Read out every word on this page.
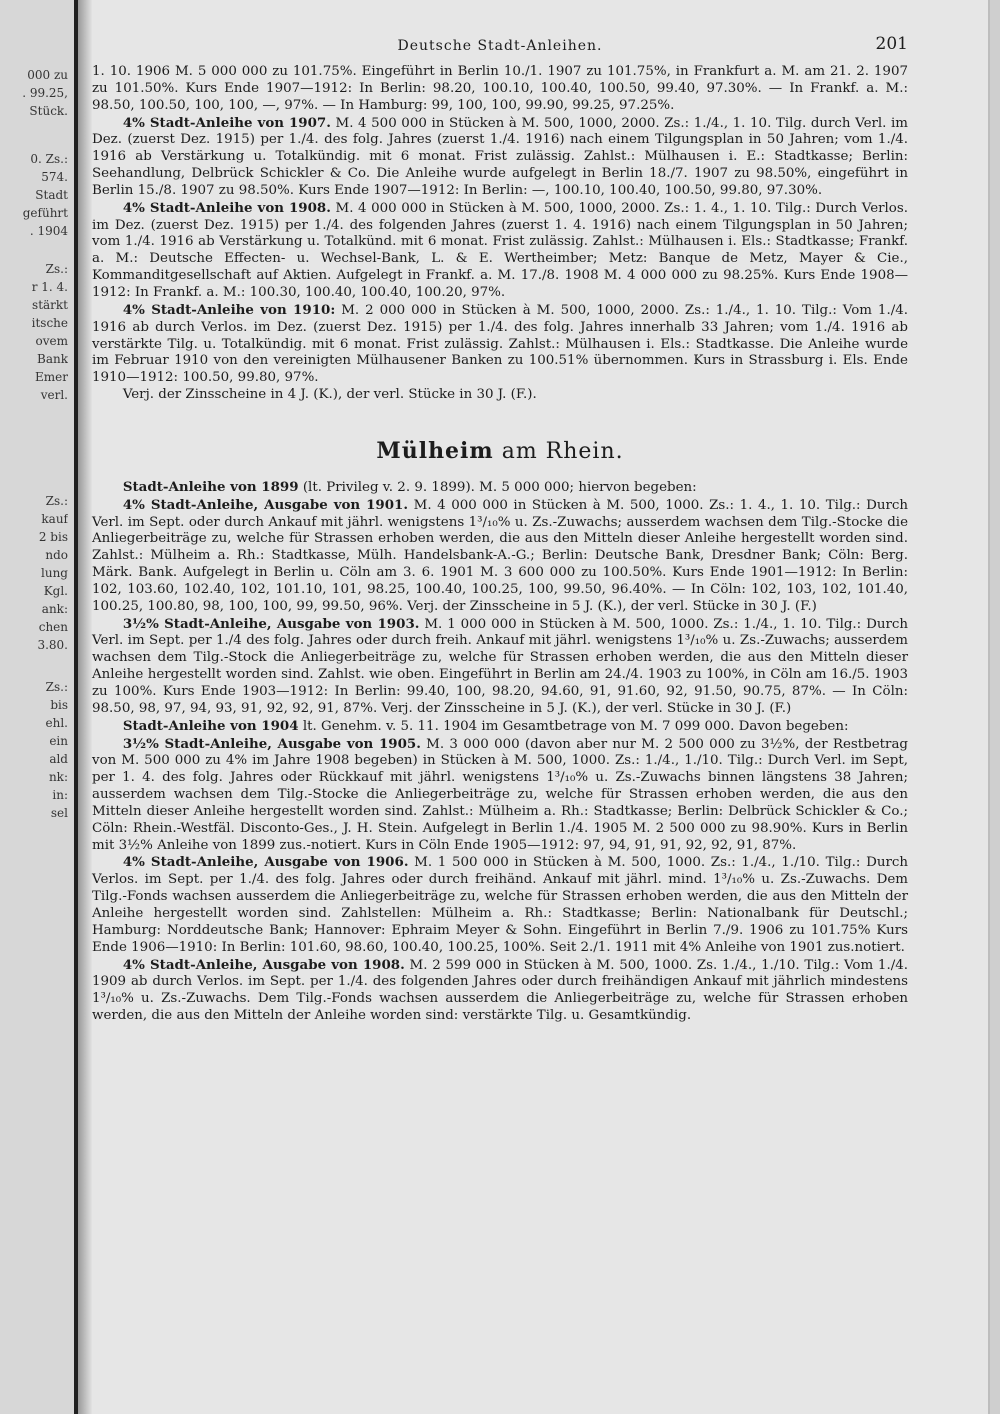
000 zu
. 99.25,
Stück.
0. Zs.:
574.
Stadt
geführt
. 1904
Zs.:
r 1. 4.
stärkt
itsche
ovem
Bank
Emer
verl.
Zs.:
kauf
2 bis
ndo
lung
Kgl.
ank:
chen
3.80.
Zs.:
bis
ehl.
ein
ald
nk:
in:
sel
Deutsche Stadt-Anleihen.	201

1. 10. 1906 M. 5 000 000 zu 101.75%. Eingeführt in Berlin 10./1. 1907 zu 101.75%, in Frankfurt a. M. am 21. 2. 1907 zu 101.50%. Kurs Ende 1907—1912: In Berlin: 98.20, 100.10, 100.40, 100.50, 99.40, 97.30%. — In Frankf. a. M.: 98.50, 100.50, 100, 100, —, 97%. — In Hamburg: 99, 100, 100, 99.90, 99.25, 97.25%.

4% Stadt-Anleihe von 1907. M. 4 500 000 in Stücken à M. 500, 1000, 2000. Zs.: 1./4., 1. 10. Tilg. durch Verl. im Dez. (zuerst Dez. 1915) per 1./4. des folg. Jahres (zuerst 1./4. 1916) nach einem Tilgungsplan in 50 Jahren; vom 1./4. 1916 ab Verstärkung u. Totalkündig. mit 6 monat. Frist zulässig. Zahlst.: Mülhausen i. E.: Stadtkasse; Berlin: Seehandlung, Delbrück Schickler & Co. Die Anleihe wurde aufgelegt in Berlin 18./7. 1907 zu 98.50%, eingeführt in Berlin 15./8. 1907 zu 98.50%. Kurs Ende 1907—1912: In Berlin: —, 100.10, 100.40, 100.50, 99.80, 97.30%.

4% Stadt-Anleihe von 1908. M. 4 000 000 in Stücken à M. 500, 1000, 2000. Zs.: 1. 4., 1. 10. Tilg.: Durch Verlos. im Dez. (zuerst Dez. 1915) per 1./4. des folgenden Jahres (zuerst 1. 4. 1916) nach einem Tilgungsplan in 50 Jahren; vom 1./4. 1916 ab Verstärkung u. Totalkünd. mit 6 monat. Frist zulässig. Zahlst.: Mülhausen i. Els.: Stadtkasse; Frankf. a. M.: Deutsche Effecten- u. Wechsel-Bank, L. & E. Wertheimber; Metz: Banque de Metz, Mayer & Cie., Kommanditgesellschaft auf Aktien. Aufgelegt in Frankf. a. M. 17./8. 1908 M. 4 000 000 zu 98.25%. Kurs Ende 1908—1912: In Frankf. a. M.: 100.30, 100.40, 100.40, 100.20, 97%.

4% Stadt-Anleihe von 1910: M. 2 000 000 in Stücken à M. 500, 1000, 2000. Zs.: 1./4., 1. 10. Tilg.: Vom 1./4. 1916 ab durch Verlos. im Dez. (zuerst Dez. 1915) per 1./4. des folg. Jahres innerhalb 33 Jahren; vom 1./4. 1916 ab verstärkte Tilg. u. Totalkündig. mit 6 monat. Frist zulässig. Zahlst.: Mülhausen i. Els.: Stadtkasse. Die Anleihe wurde im Februar 1910 von den vereinigten Mülhausener Banken zu 100.51% übernommen. Kurs in Strassburg i. Els. Ende 1910—1912: 100.50, 99.80, 97%.

Verj. der Zinsscheine in 4 J. (K.), der verl. Stücke in 30 J. (F.).

Mülheim am Rhein.

Stadt-Anleihe von 1899 (lt. Privileg v. 2. 9. 1899). M. 5 000 000; hiervon begeben:

4% Stadt-Anleihe, Ausgabe von 1901. M. 4 000 000 in Stücken à M. 500, 1000. Zs.: 1. 4., 1. 10. Tilg.: Durch Verl. im Sept. oder durch Ankauf mit jährl. wenigstens 1³/₁₀% u. Zs.-Zuwachs; ausserdem wachsen dem Tilg.-Stocke die Anliegerbeiträge zu, welche für Strassen erhoben werden, die aus den Mitteln dieser Anleihe hergestellt worden sind. Zahlst.: Mülheim a. Rh.: Stadtkasse, Mülh. Handelsbank-A.-G.; Berlin: Deutsche Bank, Dresdner Bank; Cöln: Berg. Märk. Bank. Aufgelegt in Berlin u. Cöln am 3. 6. 1901 M. 3 600 000 zu 100.50%. Kurs Ende 1901—1912: In Berlin: 102, 103.60, 102.40, 102, 101.10, 101, 98.25, 100.40, 100.25, 100, 99.50, 96.40%. — In Cöln: 102, 103, 102, 101.40, 100.25, 100.80, 98, 100, 100, 99, 99.50, 96%. Verj. der Zinsscheine in 5 J. (K.), der verl. Stücke in 30 J. (F.)

3½% Stadt-Anleihe, Ausgabe von 1903. M. 1 000 000 in Stücken à M. 500, 1000. Zs.: 1./4., 1. 10. Tilg.: Durch Verl. im Sept. per 1./4 des folg. Jahres oder durch freih. Ankauf mit jährl. wenigstens 1³/₁₀% u. Zs.-Zuwachs; ausserdem wachsen dem Tilg.-Stock die Anliegerbeiträge zu, welche für Strassen erhoben werden, die aus den Mitteln dieser Anleihe hergestellt worden sind. Zahlst. wie oben. Eingeführt in Berlin am 24./4. 1903 zu 100%, in Cöln am 16./5. 1903 zu 100%. Kurs Ende 1903—1912: In Berlin: 99.40, 100, 98.20, 94.60, 91, 91.60, 92, 91.50, 90.75, 87%. — In Cöln: 98.50, 98, 97, 94, 93, 91, 92, 92, 91, 87%. Verj. der Zinsscheine in 5 J. (K.), der verl. Stücke in 30 J. (F.)

Stadt-Anleihe von 1904 lt. Genehm. v. 5. 11. 1904 im Gesamtbetrage von M. 7 099 000. Davon begeben:

3½% Stadt-Anleihe, Ausgabe von 1905. M. 3 000 000 (davon aber nur M. 2 500 000 zu 3½%, der Restbetrag von M. 500 000 zu 4% im Jahre 1908 begeben) in Stücken à M. 500, 1000. Zs.: 1./4., 1./10. Tilg.: Durch Verl. im Sept, per 1. 4. des folg. Jahres oder Rückkauf mit jährl. wenigstens 1³/₁₀% u. Zs.-Zuwachs binnen längstens 38 Jahren; ausserdem wachsen dem Tilg.-Stocke die Anliegerbeiträge zu, welche für Strassen erhoben werden, die aus den Mitteln dieser Anleihe hergestellt worden sind. Zahlst.: Mülheim a. Rh.: Stadtkasse; Berlin: Delbrück Schickler & Co.; Cöln: Rhein.-Westfäl. Disconto-Ges., J. H. Stein. Aufgelegt in Berlin 1./4. 1905 M. 2 500 000 zu 98.90%. Kurs in Berlin mit 3½% Anleihe von 1899 zus.-notiert. Kurs in Cöln Ende 1905—1912: 97, 94, 91, 91, 92, 92, 91, 87%.

4% Stadt-Anleihe, Ausgabe von 1906. M. 1 500 000 in Stücken à M. 500, 1000. Zs.: 1./4., 1./10. Tilg.: Durch Verlos. im Sept. per 1./4. des folg. Jahres oder durch freihänd. Ankauf mit jährl. mind. 1³/₁₀% u. Zs.-Zuwachs. Dem Tilg.-Fonds wachsen ausserdem die Anliegerbeiträge zu, welche für Strassen erhoben werden, die aus den Mitteln der Anleihe hergestellt worden sind. Zahlstellen: Mülheim a. Rh.: Stadtkasse; Berlin: Nationalbank für Deutschl.; Hamburg: Norddeutsche Bank; Hannover: Ephraim Meyer & Sohn. Eingeführt in Berlin 7./9. 1906 zu 101.75% Kurs Ende 1906—1910: In Berlin: 101.60, 98.60, 100.40, 100.25, 100%. Seit 2./1. 1911 mit 4% Anleihe von 1901 zus.notiert.

4% Stadt-Anleihe, Ausgabe von 1908. M. 2 599 000 in Stücken à M. 500, 1000. Zs. 1./4., 1./10. Tilg.: Vom 1./4. 1909 ab durch Verlos. im Sept. per 1./4. des folgenden Jahres oder durch freihändigen Ankauf mit jährlich mindestens 1³/₁₀% u. Zs.-Zuwachs. Dem Tilg.-Fonds wachsen ausserdem die Anliegerbeiträge zu, welche für Strassen erhoben werden, die aus den Mitteln der Anleihe worden sind: verstärkte Tilg. u. Gesamtkündig.
